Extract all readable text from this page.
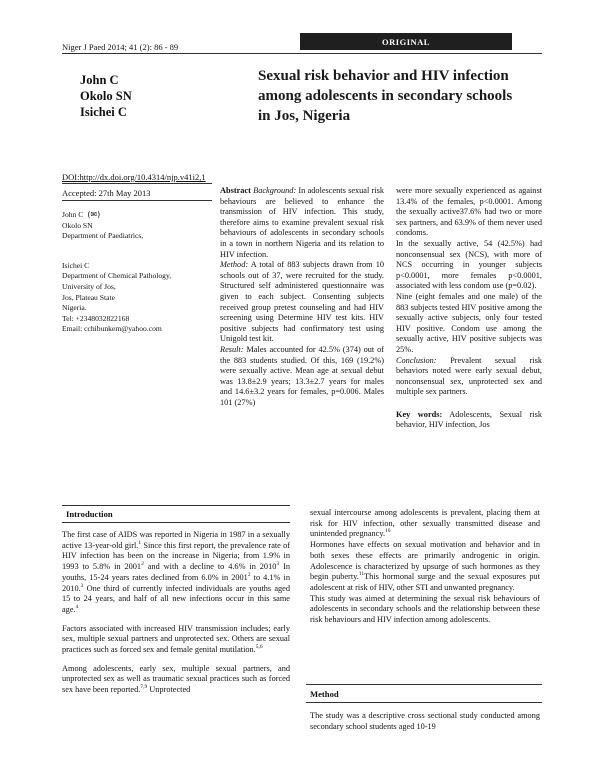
Niger J Paed 2014; 41 (2): 86 - 89
ORIGINAL
John C
Okolo SN
Isichei C
Sexual risk behavior and HIV infection among adolescents in secondary schools in Jos, Nigeria
DOI:http://dx.doi.org/10.4314/njp.v41i2,1
Accepted: 27th May 2013
John C (✉)
Okolo SN
Department of Paediatrics,
Isichei C
Department of Chemical Pathology,
University of Jos,
Jos, Plateau State
Nigeria.
Tel: +2348032822168
Email: cchibunkem@yahoo.com

Abstract Background: In adolescents sexual risk behaviours are believed to enhance the transmission of HIV infection. This study, therefore aims to examine prevalent sexual risk behaviours of adolescents in secondary schools in a town in northern Nigeria and its relation to HIV infection.

Method: A total of 883 subjects drawn from 10 schools out of 37, were recruited for the study. Structured self administered questionnaire was given to each subject. Consenting subjects received group pretest counseling and had HIV screening using Determine HIV test kits. HIV positive subjects had confirmatory test using Unigold test kit.

Result: Males accounted for 42.5% (374) out of the 883 students studied. Of this, 169 (19.2%) were sexually active. Mean age at sexual debut was 13.8±2.9 years; 13.3±2.7 years for males and 14.6±3.2 years for females, p=0.006. Males 101 (27%)

were more sexually experienced as against 13.4% of the females, p<0.0001. Among the sexually active37.6% had two or more sex partners, and 63.9% of them never used condoms.

In the sexually active, 54 (42.5%) had nonconsensual sex (NCS), with more of NCS occurring in younger subjects p<0.0001, more females p<0.0001, associated with less condom use (p=0.02).

Nine (eight females and one male) of the 883 subjects tested HIV positive among the sexually active subjects, only four tested HIV positive. Condom use among the sexually active, HIV positive subjects was 25%.

Conclusion: Prevalent sexual risk behaviors noted were early sexual debut, nonconsensual sex, unprotected sex and multiple sex partners.

Key words: Adolescents, Sexual risk behavior, HIV infection, Jos

Introduction

The first case of AIDS was reported in Nigeria in 1987 in a sexually active 13-year-old girl.$^1$ Since this first report, the prevalence rate of HIV infection has been on the increase in Nigeria; from 1.9% in 1993 to 5.8% in 2001$^2$ and with a decline to 4.6% in 2010$^3$ In youths, 15-24 years rates declined from 6.0% in 2001$^2$ to 4.1% in 2010.$^3$ One third of currently infected individuals are youths aged 15 to 24 years, and half of all new infections occur in this same age.$^4$

Factors associated with increased HIV transmission includes; early sex, multiple sexual partners and unprotected sex. Others are sexual practices such as forced sex and female genital mutilation.$^{5,6}$

Among adolescents, early sex, multiple sexual partners, and unprotected sex as well as traumatic sexual practices such as forced sex have been reported.$^{7,9}$ Unprotected

sexual intercourse among adolescents is prevalent, placing them at risk for HIV infection, other sexually transmitted disease and unintended pregnancy.$^{10}$

Hormones have effects on sexual motivation and behavior and in both sexes these effects are primarily androgenic in origin. Adolescence is characterized by upsurge of such hormones as they begin puberty.$^{11}$This hormonal surge and the sexual exposures put adolescent at risk of HIV, other STI and unwanted pregnancy.

This study was aimed at determining the sexual risk behaviours of adolescents in secondary schools and the relationship between these risk behaviours and HIV infection among adolescents.

Method
The study was a descriptive cross sectional study conducted among secondary school students aged 10-19
